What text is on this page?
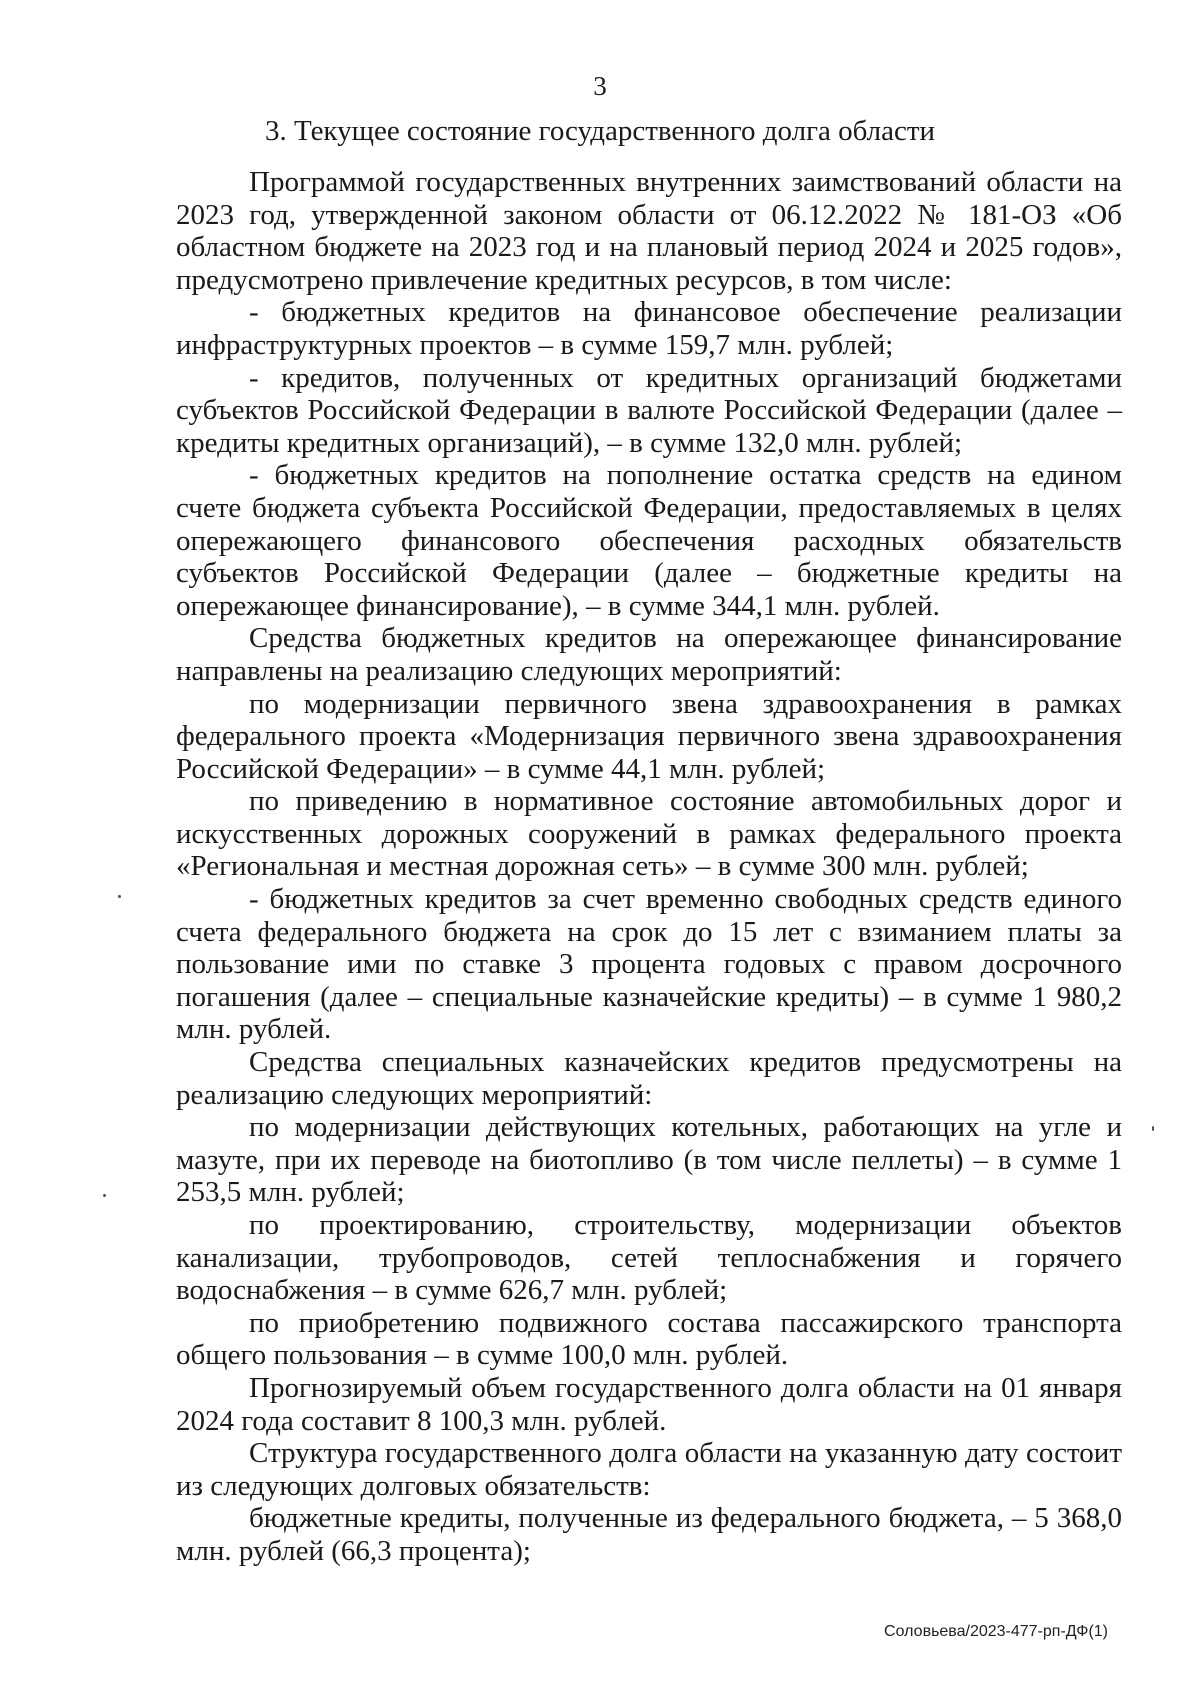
3
3. Текущее состояние государственного долга области

Программой государственных внутренних заимствований области на 2023 год, утвержденной законом области от 06.12.2022 № 181-ОЗ «Об областном бюджете на 2023 год и на плановый период 2024 и 2025 годов», предусмотрено привлечение кредитных ресурсов, в том числе:

- бюджетных кредитов на финансовое обеспечение реализации инфраструктурных проектов – в сумме 159,7 млн. рублей;

- кредитов, полученных от кредитных организаций бюджетами субъектов Российской Федерации в валюте Российской Федерации (далее – кредиты кредитных организаций), – в сумме 132,0 млн. рублей;

- бюджетных кредитов на пополнение остатка средств на едином счете бюджета субъекта Российской Федерации, предоставляемых в целях опережающего финансового обеспечения расходных обязательств субъектов Российской Федерации (далее – бюджетные кредиты на опережающее финансирование), – в сумме 344,1 млн. рублей.

Средства бюджетных кредитов на опережающее финансирование направлены на реализацию следующих мероприятий:

по модернизации первичного звена здравоохранения в рамках федерального проекта «Модернизация первичного звена здравоохранения Российской Федерации» – в сумме 44,1 млн. рублей;

по приведению в нормативное состояние автомобильных дорог и искусственных дорожных сооружений в рамках федерального проекта «Региональная и местная дорожная сеть» – в сумме 300 млн. рублей;

- бюджетных кредитов за счет временно свободных средств единого счета федерального бюджета на срок до 15 лет с взиманием платы за пользование ими по ставке 3 процента годовых с правом досрочного погашения (далее – специальные казначейские кредиты) – в сумме 1 980,2 млн. рублей.

Средства специальных казначейских кредитов предусмотрены на реализацию следующих мероприятий:

по модернизации действующих котельных, работающих на угле и мазуте, при их переводе на биотопливо (в том числе пеллеты) – в сумме 1 253,5 млн. рублей;

по проектированию, строительству, модернизации объектов канализации, трубопроводов, сетей теплоснабжения и горячего водоснабжения – в сумме 626,7 млн. рублей;

по приобретению подвижного состава пассажирского транспорта общего пользования – в сумме 100,0 млн. рублей.

Прогнозируемый объем государственного долга области на 01 января 2024 года составит 8 100,3 млн. рублей.

Структура государственного долга области на указанную дату состоит из следующих долговых обязательств:

бюджетные кредиты, полученные из федерального бюджета, – 5 368,0 млн. рублей (66,3 процента);

Соловьева/2023-477-рп-ДФ(1)
